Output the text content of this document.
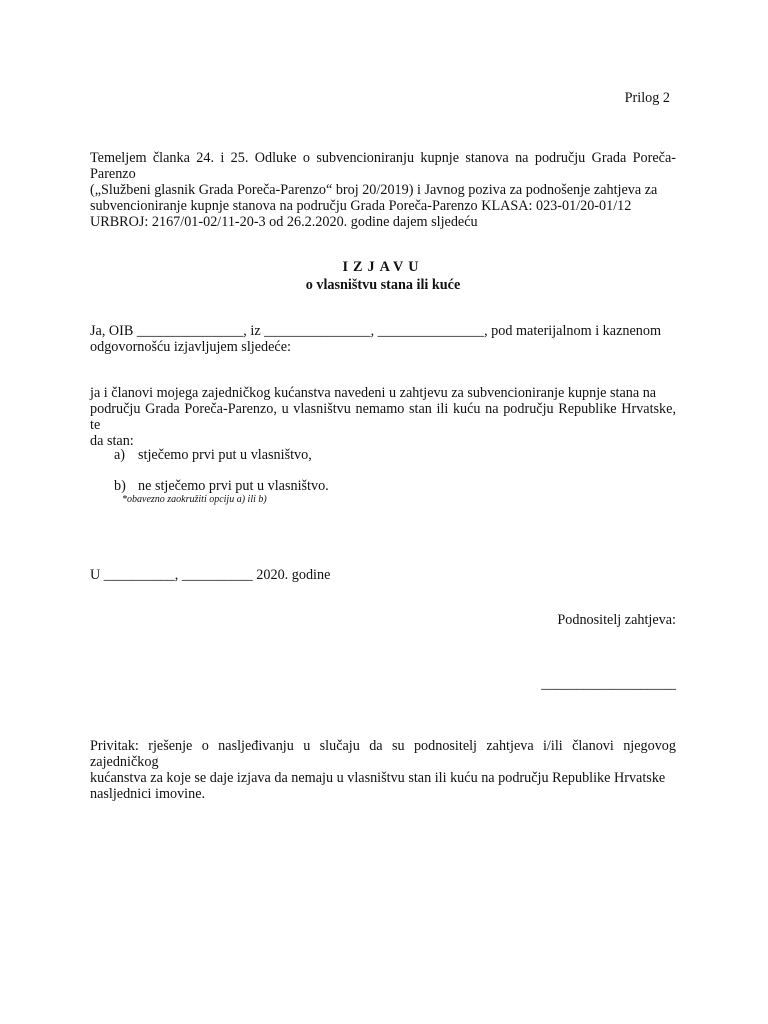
Prilog 2
Temeljem članka 24. i 25. Odluke o subvencioniranju kupnje stanova na području Grada Poreča-Parenzo
(„Službeni glasnik Grada Poreča-Parenzo“ broj 20/2019) i Javnog poziva za podnošenje zahtjeva za
subvencioniranje kupnje stanova na području Grada Poreča-Parenzo KLASA: 023-01/20-01/12
URBROJ: 2167/01-02/11-20-3 od 26.2.2020. godine dajem sljedeću
IZJAVU
o vlasništvu stana ili kuće
Ja, OIB _______________, iz _______________, _______________, pod materijalnom i kaznenom
odgovornošću izjavljujem sljedeće:
ja i članovi mojega zajedničkog kućanstva navedeni u zahtjevu za subvencioniranje kupnje stana na
području Grada Poreča-Parenzo, u vlasništvu nemamo stan ili kuću na području Republike Hrvatske, te
da stan:
a) stječemo prvi put u vlasništvo,
b) ne stječemo prvi put u vlasništvo.
*obavezno zaokružiti opciju a) ili b)
U __________, __________ 2020. godine
Podnositelj zahtjeva:
___________________
Privitak: rješenje o nasljeđivanju u slučaju da su podnositelj zahtjeva i/ili članovi njegovog zajedničkog
kućanstva za koje se daje izjava da nemaju u vlasništvu stan ili kuću na području Republike Hrvatske
nasljednici imovine.
